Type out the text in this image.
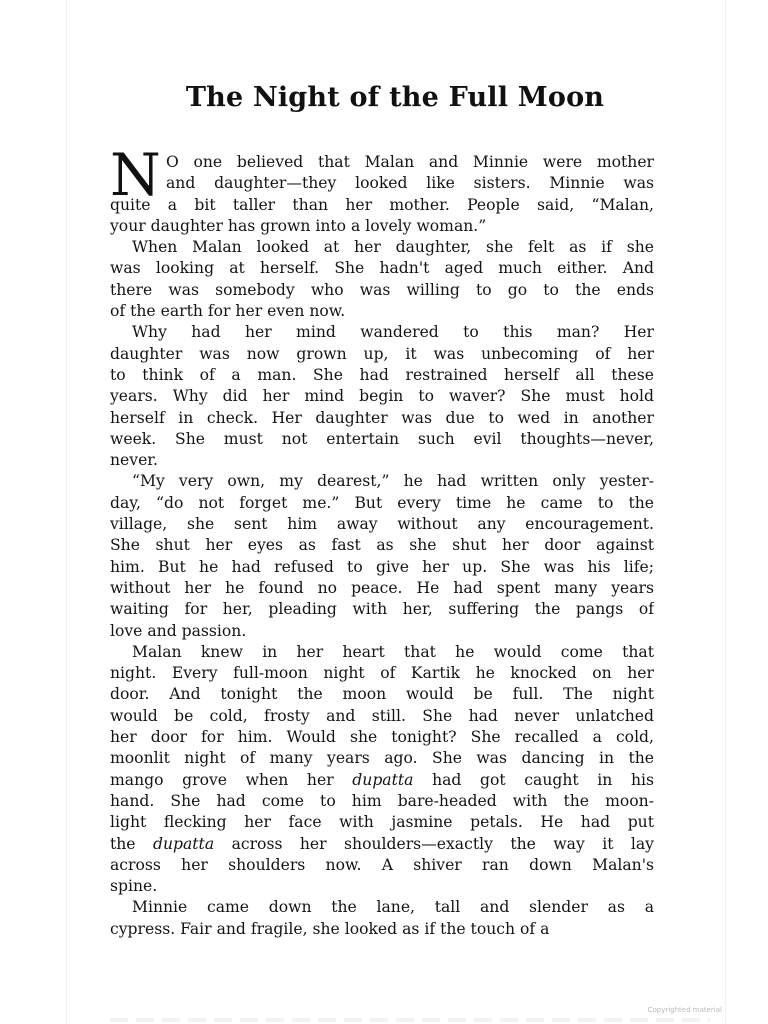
The Night of the Full Moon
N O one believed that Malan and Minnie were mother
and daughter—they looked like sisters. Minnie was
quite a bit taller than her mother. People said, “Malan,
your daughter has grown into a lovely woman.”
When Malan looked at her daughter, she felt as if she
was looking at herself. She hadn't aged much either. And
there was somebody who was willing to go to the ends
of the earth for her even now.
Why had her mind wandered to this man? Her
daughter was now grown up, it was unbecoming of her
to think of a man. She had restrained herself all these
years. Why did her mind begin to waver? She must hold
herself in check. Her daughter was due to wed in another
week. She must not entertain such evil thoughts—never,
never.
“My very own, my dearest,” he had written only yester-
day, “do not forget me.” But every time he came to the
village, she sent him away without any encouragement.
She shut her eyes as fast as she shut her door against
him. But he had refused to give her up. She was his life;
without her he found no peace. He had spent many years
waiting for her, pleading with her, suffering the pangs of
love and passion.
Malan knew in her heart that he would come that
night. Every full-moon night of Kartik he knocked on her
door. And tonight the moon would be full. The night
would be cold, frosty and still. She had never unlatched
her door for him. Would she tonight? She recalled a cold,
moonlit night of many years ago. She was dancing in the
mango grove when her dupatta had got caught in his
hand. She had come to him bare-headed with the moon-
light flecking her face with jasmine petals. He had put
the dupatta across her shoulders—exactly the way it lay
across her shoulders now. A shiver ran down Malan's
spine.
Minnie came down the lane, tall and slender as a
cypress. Fair and fragile, she looked as if the touch of a
Copyrighted material
